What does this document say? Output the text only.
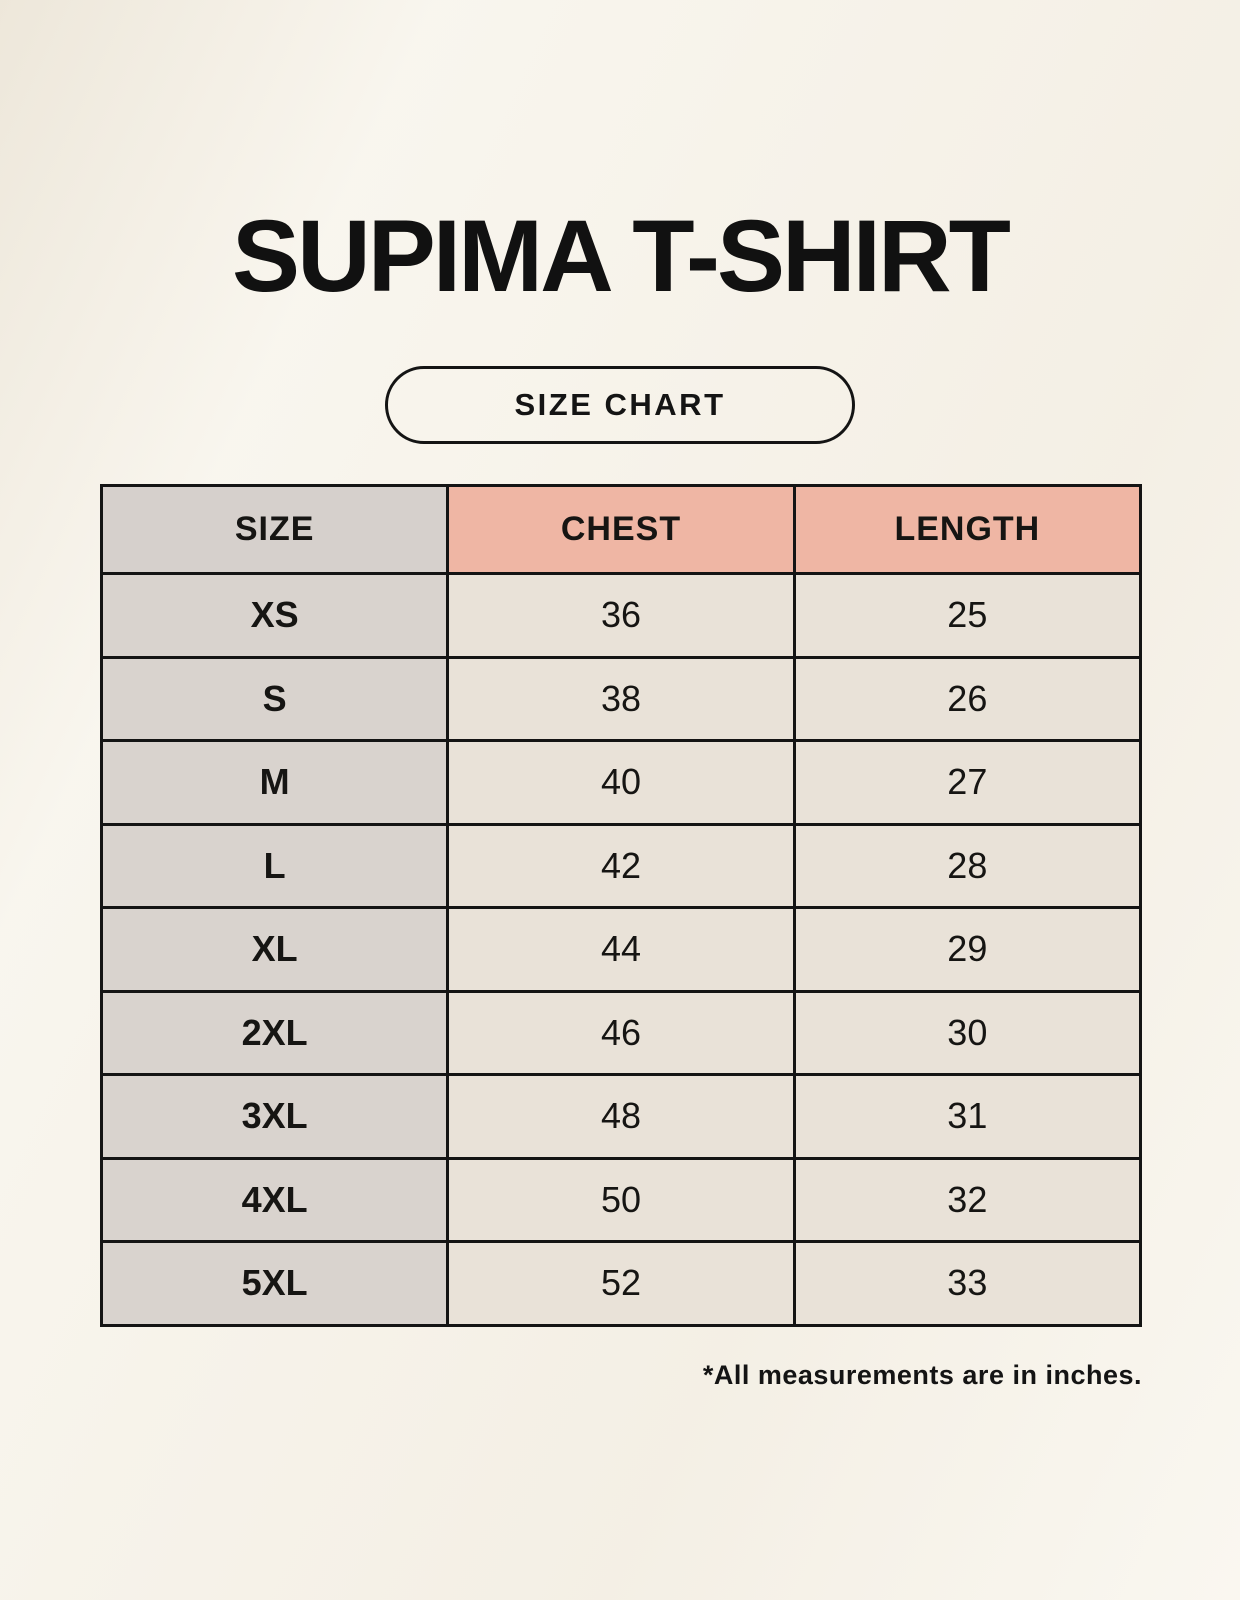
SUPIMA T-SHIRT
SIZE CHART
SIZE	CHEST	LENGTH
XS	36	25
S	38	26
M	40	27
L	42	28
XL	44	29
2XL	46	30
3XL	48	31
4XL	50	32
5XL	52	33
*All measurements are in inches.
